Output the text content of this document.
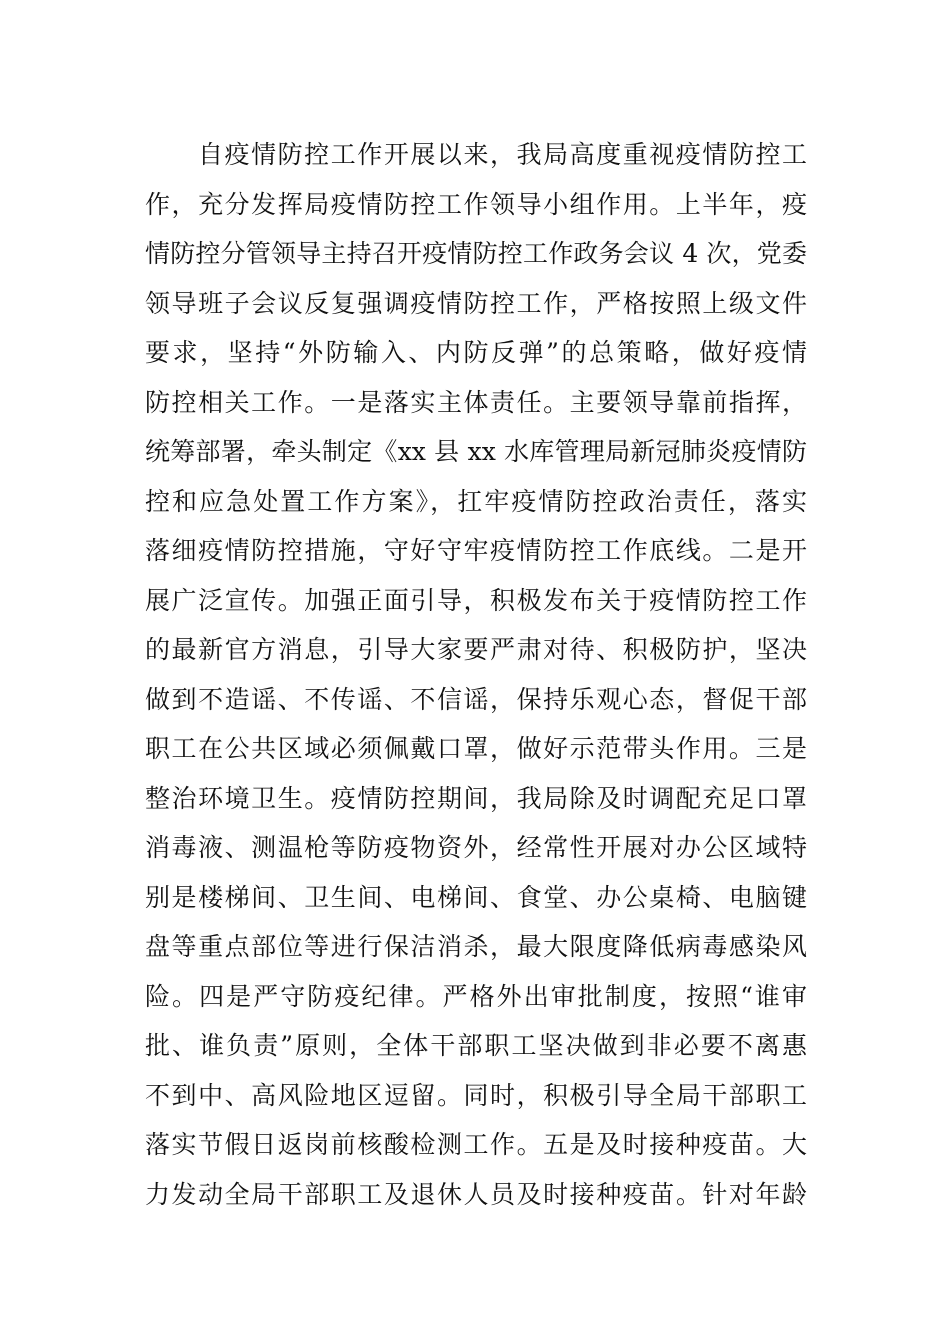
自疫情防控工作开展以来，我局高度重视疫情防控工
作，充分发挥局疫情防控工作领导小组作用。上半年，疫
情防控分管领导主持召开疫情防控工作政务会议 4 次，党委
领导班子会议反复强调疫情防控工作，严格按照上级文件
要求，坚持“外防输入、内防反弹”的总策略，做好疫情
防控相关工作。一是落实主体责任。主要领导靠前指挥，
统筹部署，牵头制定《xx 县 xx 水库管理局新冠肺炎疫情防
控和应急处置工作方案》，扛牢疫情防控政治责任，落实
落细疫情防控措施，守好守牢疫情防控工作底线。二是开
展广泛宣传。加强正面引导，积极发布关于疫情防控工作
的最新官方消息，引导大家要严肃对待、积极防护，坚决
做到不造谣、不传谣、不信谣，保持乐观心态，督促干部
职工在公共区域必须佩戴口罩，做好示范带头作用。三是
整治环境卫生。疫情防控期间，我局除及时调配充足口罩
消毒液、测温枪等防疫物资外，经常性开展对办公区域特
别是楼梯间、卫生间、电梯间、食堂、办公桌椅、电脑键
盘等重点部位等进行保洁消杀，最大限度降低病毒感染风
险。四是严守防疫纪律。严格外出审批制度，按照“谁审
批、谁负责”原则，全体干部职工坚决做到非必要不离惠
不到中、高风险地区逗留。同时，积极引导全局干部职工
落实节假日返岗前核酸检测工作。五是及时接种疫苗。大
力发动全局干部职工及退休人员及时接种疫苗。针对年龄
